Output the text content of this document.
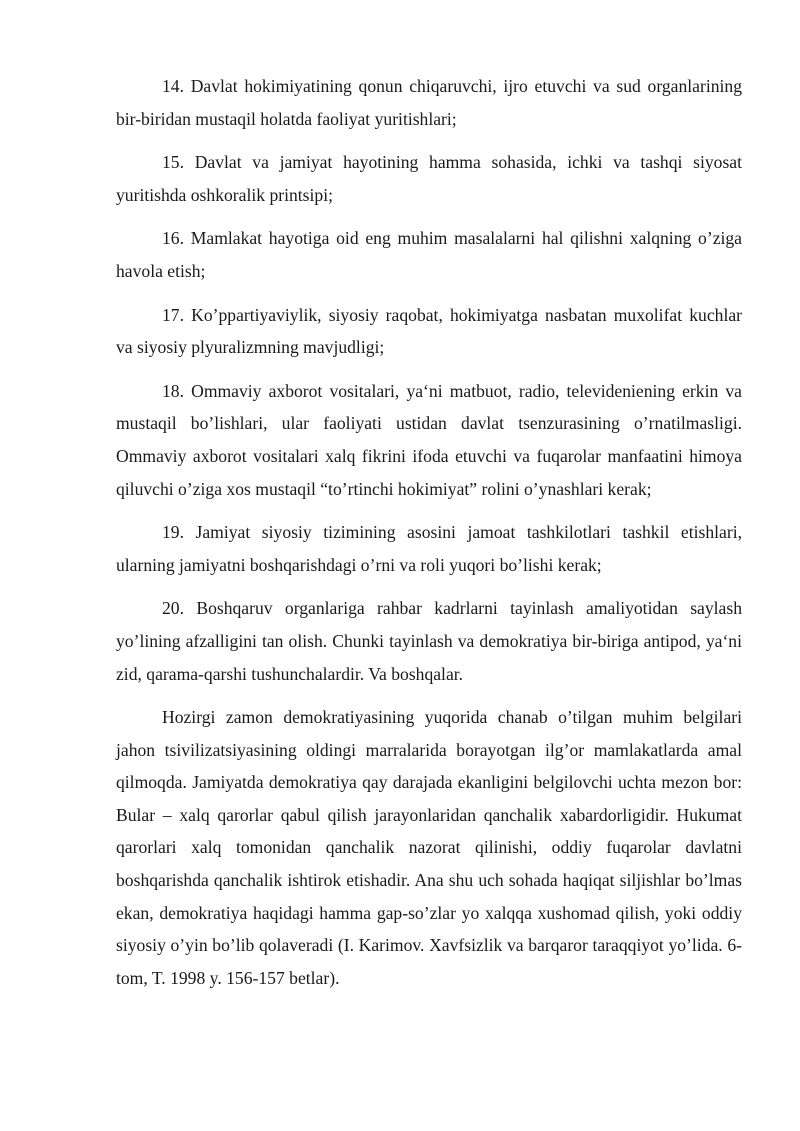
14. Davlat hokimiyatining qonun chiqaruvchi, ijro etuvchi va sud organlarining bir-biridan mustaqil holatda faoliyat yuritishlari;

15. Davlat va jamiyat hayotining hamma sohasida, ichki va tashqi siyosat yuritishda oshkoralik printsipi;

16. Mamlakat hayotiga oid eng muhim masalalarni hal qilishni xalqning o’ziga havola etish;

17. Ko’ppartiyaviylik, siyosiy raqobat, hokimiyatga nasbatan muxolifat kuchlar va siyosiy plyuralizmning mavjudligi;

18. Ommaviy axborot vositalari, ya‘ni matbuot, radio, televideniening erkin va mustaqil bo’lishlari, ular faoliyati ustidan davlat tsenzurasining o’rnatilmasligi. Ommaviy axborot vositalari xalq fikrini ifoda etuvchi va fuqarolar manfaatini himoya qiluvchi o’ziga xos mustaqil “to’rtinchi hokimiyat” rolini o’ynashlari kerak;

19. Jamiyat siyosiy tizimining asosini jamoat tashkilotlari tashkil etishlari, ularning jamiyatni boshqarishdagi o’rni va roli yuqori bo’lishi kerak;

20. Boshqaruv organlariga rahbar kadrlarni tayinlash amaliyotidan saylash yo’lining afzalligini tan olish. Chunki tayinlash va demokratiya bir-biriga antipod, ya‘ni zid, qarama-qarshi tushunchalardir. Va boshqalar.

Hozirgi zamon demokratiyasining yuqorida chanab o’tilgan muhim belgilari jahon tsivilizatsiyasining oldingi marralarida borayotgan ilg’or mamlakatlarda amal qilmoqda. Jamiyatda demokratiya qay darajada ekanligini belgilovchi uchta mezon bor: Bular – xalq qarorlar qabul qilish jarayonlaridan qanchalik xabardorligidir. Hukumat qarorlari xalq tomonidan qanchalik nazorat qilinishi, oddiy fuqarolar davlatni boshqarishda qanchalik ishtirok etishadir. Ana shu uch sohada haqiqat siljishlar bo’lmas ekan, demokratiya haqidagi hamma gap-so’zlar yo xalqqa xushomad qilish, yoki oddiy siyosiy o’yin bo’lib qolaveradi (I. Karimov. Xavfsizlik va barqaror taraqqiyot yo’lida. 6-tom, T. 1998 y. 156-157 betlar).
